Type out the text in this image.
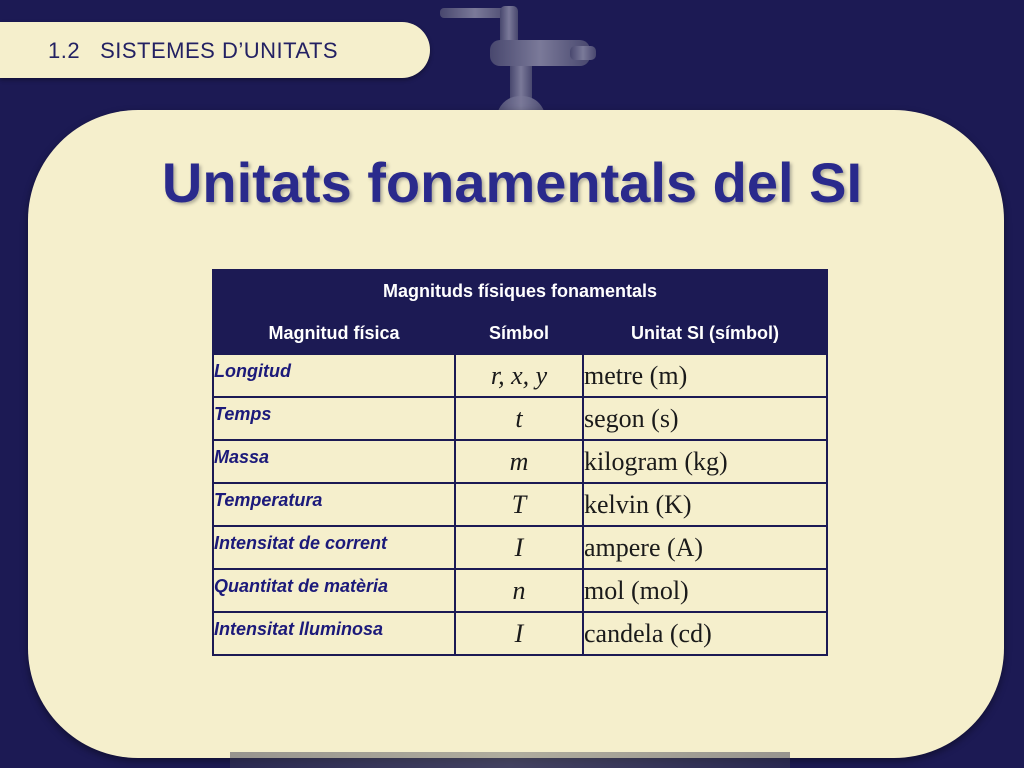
1.2 SISTEMES D’UNITATS
Unitats fonamentals del SI
Magnituds físiques fonamentals		
Magnitud física	Símbol	Unitat SI (símbol)
Longitud	r, x, y	metre (m)
Temps	t	segon (s)
Massa	m	kilogram (kg)
Temperatura	T	kelvin (K)
Intensitat de corrent	I	ampere (A)
Quantitat de matèria	n	mol (mol)
Intensitat lluminosa	I	candela (cd)
